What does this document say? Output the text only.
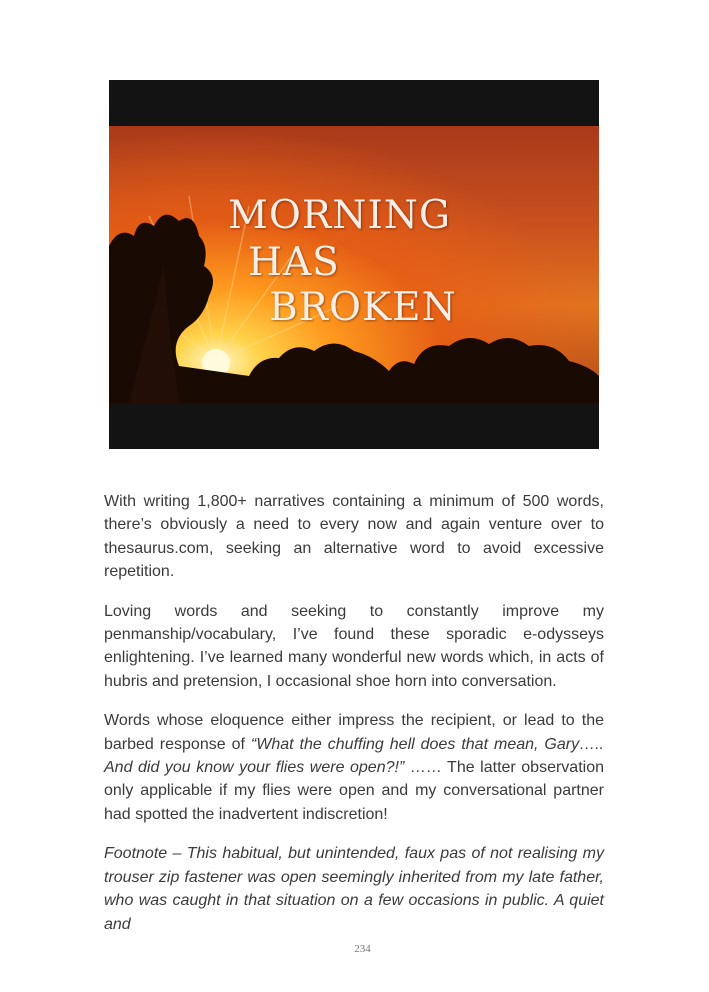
MORNING
HAS
BROKEN

With writing 1,800+ narratives containing a minimum of 500 words, there’s obviously a need to every now and again venture over to thesaurus.com, seeking an alternative word to avoid excessive repetition.

Loving words and seeking to constantly improve my penmanship/vocabulary, I’ve found these sporadic e-odysseys enlightening. I’ve learned many wonderful new words which, in acts of hubris and pretension, I occasional shoe horn into conversation.

Words whose eloquence either impress the recipient, or lead to the barbed response of “What the chuffing hell does that mean, Gary….. And did you know your flies were open?!” …… The latter observation only applicable if my flies were open and my conversational partner had spotted the inadvertent indiscretion!

Footnote – This habitual, but unintended, faux pas of not realising my trouser zip fastener was open seemingly inherited from my late father, who was caught in that situation on a few occasions in public. A quiet and

234
